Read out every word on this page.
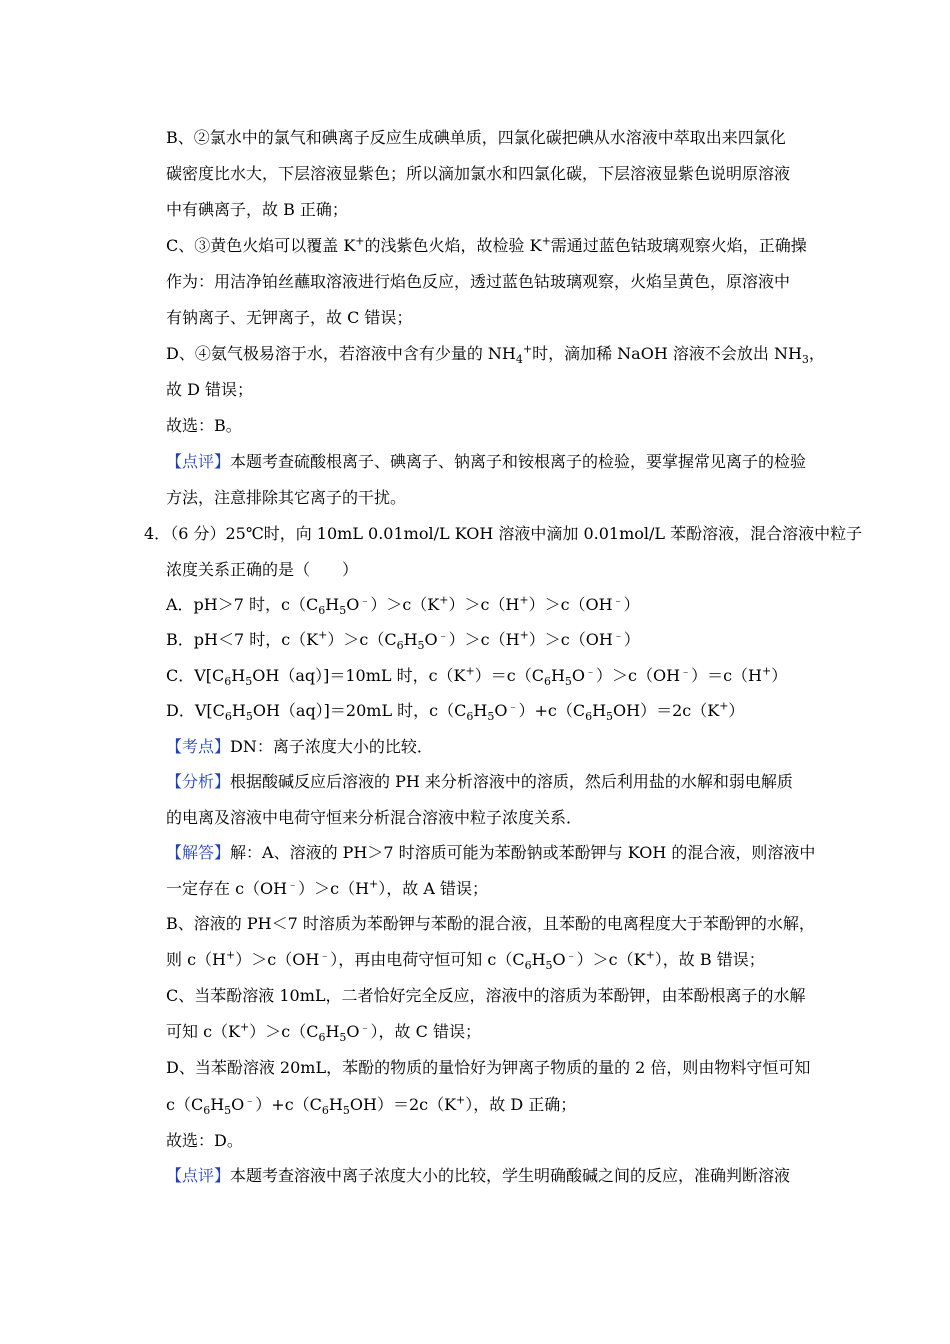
B、②氯水中的氯气和碘离子反应生成碘单质，四氯化碳把碘从水溶液中萃取出来四氯化
碳密度比水大，下层溶液显紫色；所以滴加氯水和四氯化碳，下层溶液显紫色说明原溶液
中有碘离子，故 B 正确；
C、③黄色火焰可以覆盖 K+的浅紫色火焰，故检验 K+需通过蓝色钴玻璃观察火焰，正确操
作为：用洁净铂丝蘸取溶液进行焰色反应，透过蓝色钴玻璃观察，火焰呈黄色，原溶液中
有钠离子、无钾离子，故 C 错误；
D、④氨气极易溶于水，若溶液中含有少量的 $NH_4^+$时，滴加稀 NaOH 溶液不会放出 $NH_3$，
故 D 错误；
故选：B。
【点评】本题考查硫酸根离子、碘离子、钠离子和铵根离子的检验，要掌握常见离子的检验
方法，注意排除其它离子的干扰。
4．（6 分）25℃时，向 10mL 0.01mol/L KOH 溶液中滴加 0.01mol/L 苯酚溶液，混合溶液中粒子
浓度关系正确的是（　　）
A．pH＞7 时，$c(C_6H_5O^﹣)>c(K^+)>c(H^+)>c(OH^﹣)$
B．pH＜7 时，$c(K^+)>c(C_6H_5O^﹣)>c(H^+)>c(OH^﹣)$
C．$V[C_6H_5OH(aq)]=10mL$ 时，$c(K^+)=c(C_6H_5O^﹣)>c(OH^﹣)=c(H^+)$
D．$V[C_6H_5OH(aq)]=20mL$ 时，$c(C_6H_5O^﹣)+c(C_6H_5OH)=2c(K^+)$
【考点】DN：离子浓度大小的比较．
【分析】根据酸碱反应后溶液的 PH 来分析溶液中的溶质，然后利用盐的水解和弱电解质
的电离及溶液中电荷守恒来分析混合溶液中粒子浓度关系．
【解答】解：A、溶液的 PH＞7 时溶质可能为苯酚钠或苯酚钾与 KOH 的混合液，则溶液中
一定存在 c（OH﹣）＞c（H+），故 A 错误；
B、溶液的 PH＜7 时溶质为苯酚钾与苯酚的混合液，且苯酚的电离程度大于苯酚钾的水解，
则 c（H+）＞c（OH﹣），再由电荷守恒可知 $c(C_6H_5O^﹣)>c(K^+)$，故 B 错误；
C、当苯酚溶液 10mL，二者恰好完全反应，溶液中的溶质为苯酚钾，由苯酚根离子的水解
可知 $c(K^+)>c(C_6H_5O^﹣)$，故 C 错误；
D、当苯酚溶液 20mL，苯酚的物质的量恰好为钾离子物质的量的 2 倍，则由物料守恒可知
$c(C_6H_5O^﹣)+c(C_6H_5OH)=2c(K^+)$，故 D 正确；
故选：D。
【点评】本题考查溶液中离子浓度大小的比较，学生明确酸碱之间的反应，准确判断溶液
